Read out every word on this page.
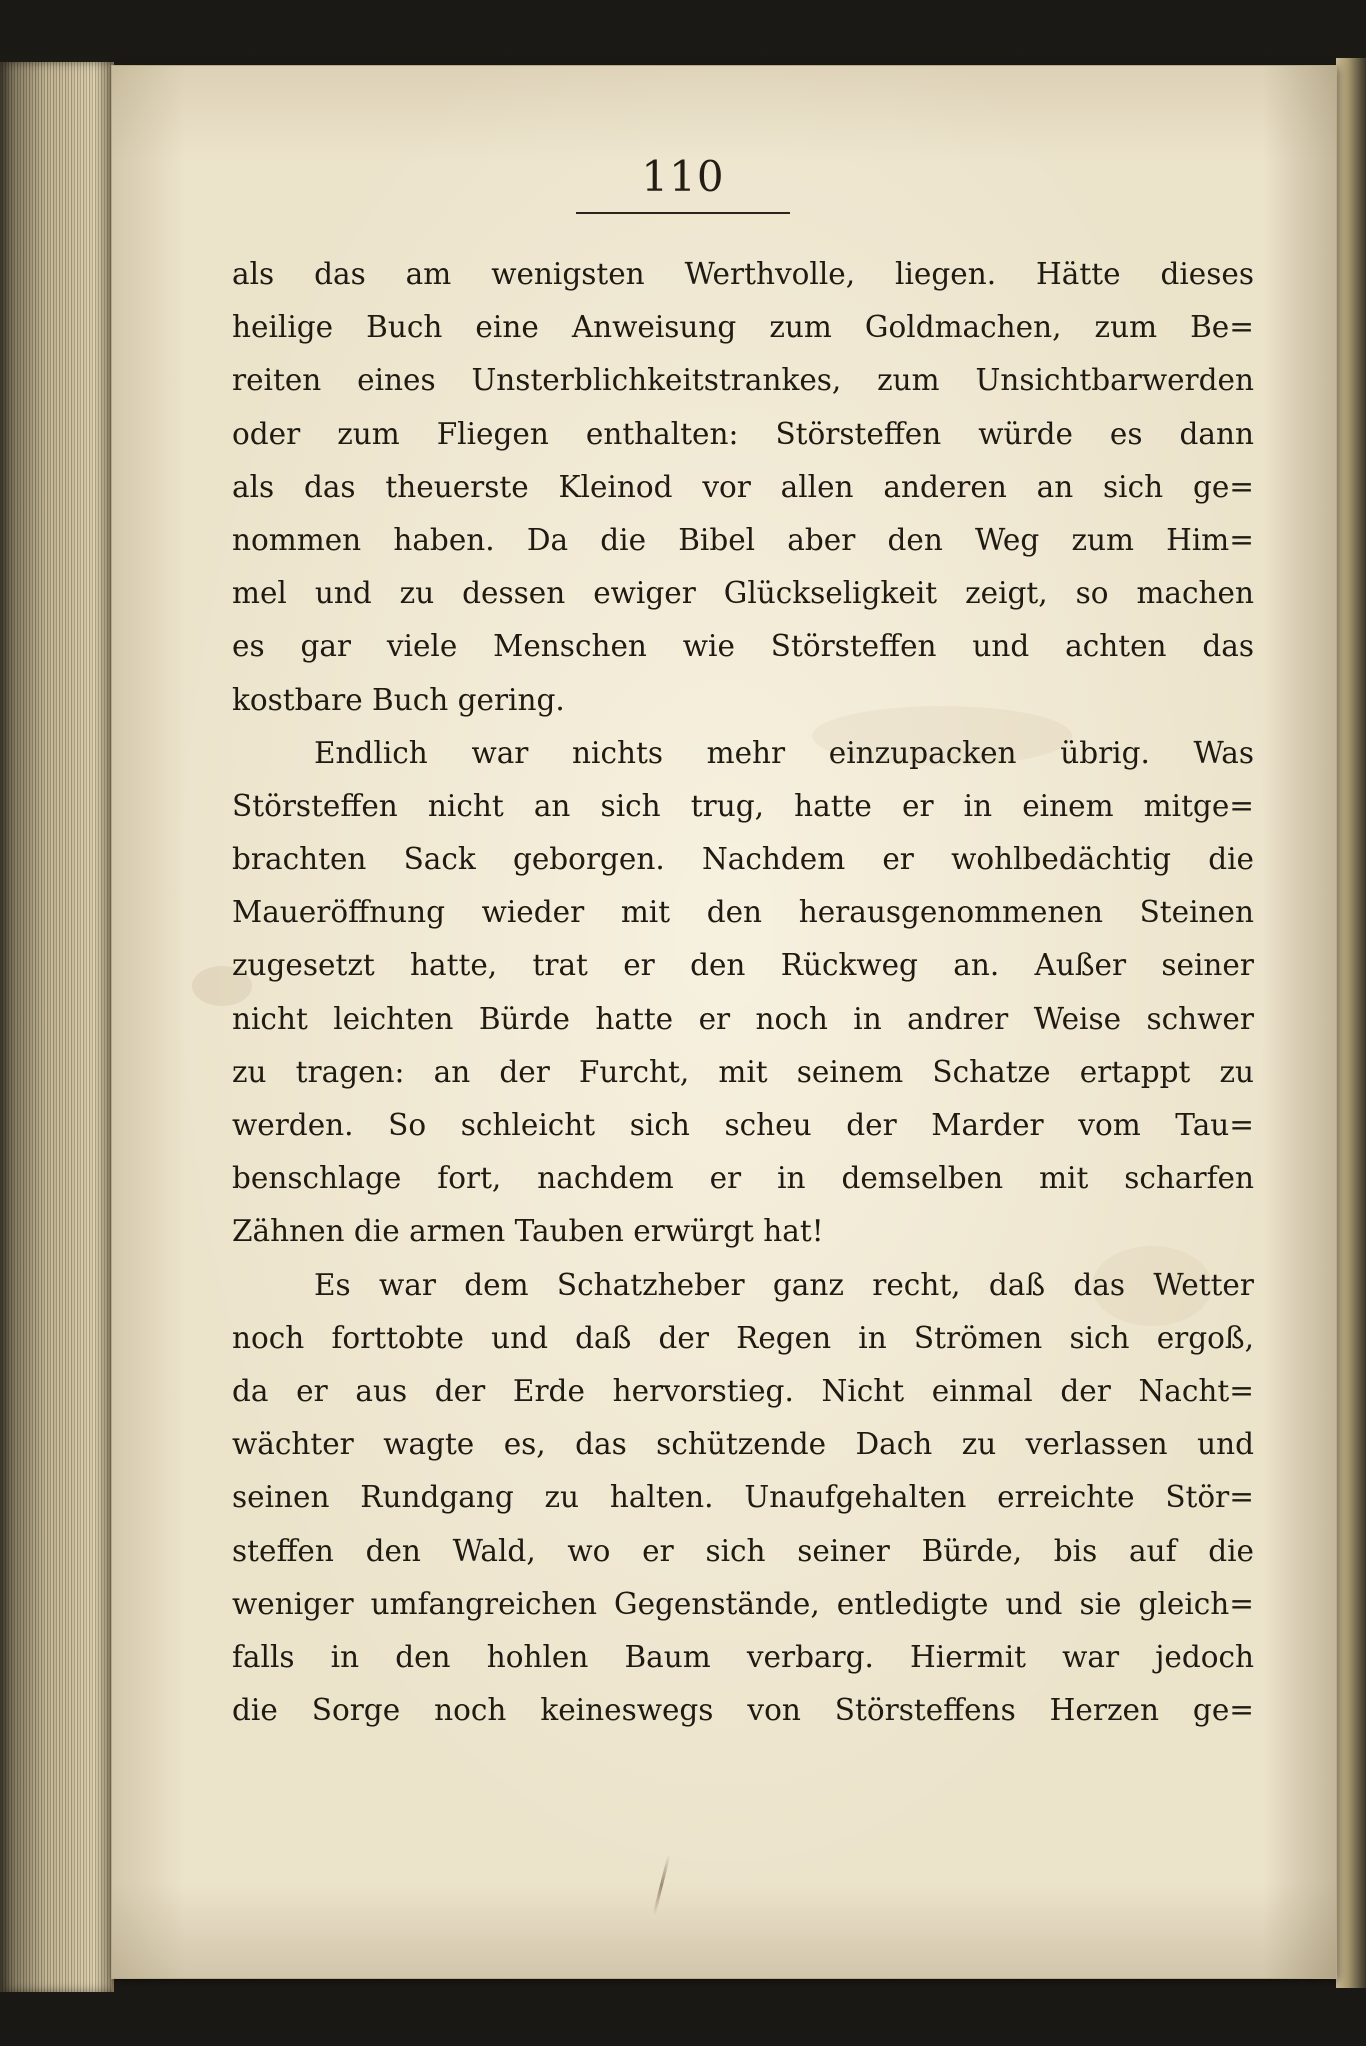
110
als das am wenigsten Werthvolle, liegen. Hätte dieses
heilige Buch eine Anweisung zum Goldmachen, zum Be=
reiten eines Unsterblichkeitstrankes, zum Unsichtbarwerden
oder zum Fliegen enthalten: Störsteffen würde es dann
als das theuerste Kleinod vor allen anderen an sich ge=
nommen haben. Da die Bibel aber den Weg zum Him=
mel und zu dessen ewiger Glückseligkeit zeigt, so machen
es gar viele Menschen wie Störsteffen und achten das
kostbare Buch gering.
Endlich war nichts mehr einzupacken übrig. Was
Störsteffen nicht an sich trug, hatte er in einem mitge=
brachten Sack geborgen. Nachdem er wohlbedächtig die
Maueröffnung wieder mit den herausgenommenen Steinen
zugesetzt hatte, trat er den Rückweg an. Außer seiner
nicht leichten Bürde hatte er noch in andrer Weise schwer
zu tragen: an der Furcht, mit seinem Schatze ertappt zu
werden. So schleicht sich scheu der Marder vom Tau=
benschlage fort, nachdem er in demselben mit scharfen
Zähnen die armen Tauben erwürgt hat!
Es war dem Schatzheber ganz recht, daß das Wetter
noch forttobte und daß der Regen in Strömen sich ergoß,
da er aus der Erde hervorstieg. Nicht einmal der Nacht=
wächter wagte es, das schützende Dach zu verlassen und
seinen Rundgang zu halten. Unaufgehalten erreichte Stör=
steffen den Wald, wo er sich seiner Bürde, bis auf die
weniger umfangreichen Gegenstände, entledigte und sie gleich=
falls in den hohlen Baum verbarg. Hiermit war jedoch
die Sorge noch keineswegs von Störsteffens Herzen ge=
